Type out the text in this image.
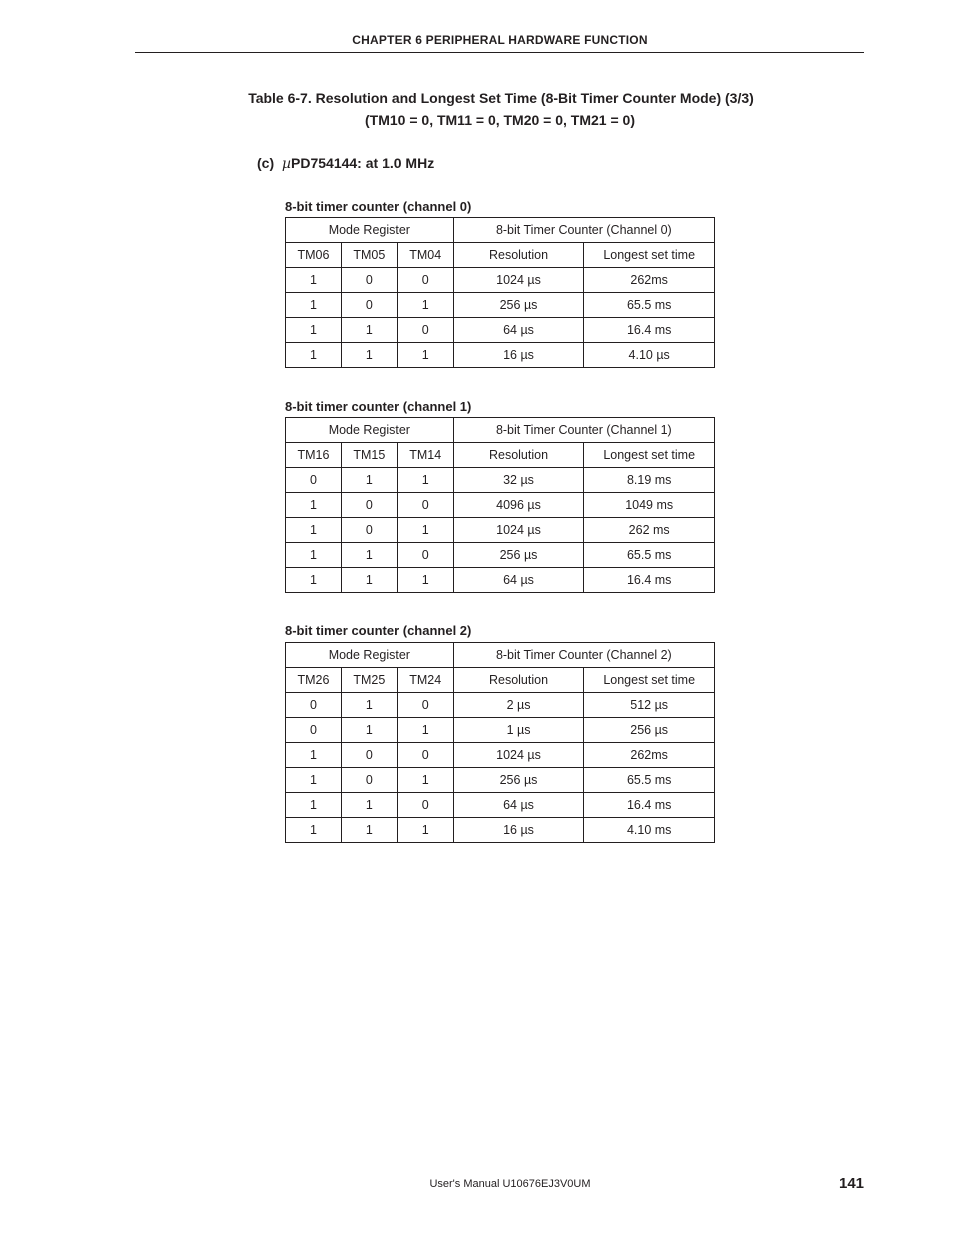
CHAPTER 6 PERIPHERAL HARDWARE FUNCTION
Table 6-7. Resolution and Longest Set Time (8-Bit Timer Counter Mode) (3/3)
(TM10 = 0, TM11 = 0, TM20 = 0, TM21 = 0)
(c) µPD754144: at 1.0 MHz
8-bit timer counter (channel 0)
Mode Register			8-bit Timer Counter (Channel 0)	
TM06	TM05	TM04	Resolution	Longest set time
1	0	0	1024 µs	262ms
1	0	1	256 µs	65.5 ms
1	1	0	64 µs	16.4 ms
1	1	1	16 µs	4.10 µs
8-bit timer counter (channel 1)
Mode Register			8-bit Timer Counter (Channel 1)	
TM16	TM15	TM14	Resolution	Longest set time
0	1	1	32 µs	8.19 ms
1	0	0	4096 µs	1049 ms
1	0	1	1024 µs	262 ms
1	1	0	256 µs	65.5 ms
1	1	1	64 µs	16.4 ms
8-bit timer counter (channel 2)
Mode Register			8-bit Timer Counter (Channel 2)	
TM26	TM25	TM24	Resolution	Longest set time
0	1	0	2 µs	512 µs
0	1	1	1 µs	256 µs
1	0	0	1024 µs	262ms
1	0	1	256 µs	65.5 ms
1	1	0	64 µs	16.4 ms
1	1	1	16 µs	4.10 ms
User's Manual U10676EJ3V0UM	141
